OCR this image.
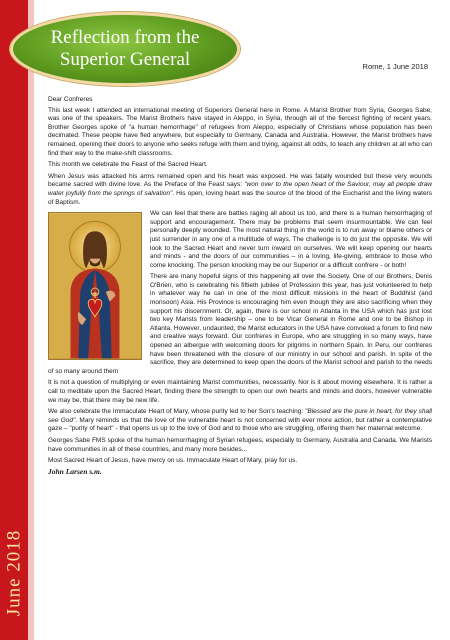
June 2018
Reflection from the
Superior General	Rome, 1 June 2018

Dear Confreres

This last week I attended an international meeting of Superiors General here in Rome. A Marist Brother from Syria, Georges Sabe, was one of the speakers. The Marist Brothers have stayed in Aleppo, in Syria, through all of the fiercest fighting of recent years. Brother Georges spoke of "a human hemorrhage" of refugees from Aleppo, especially of Christians whose population has been decimated. These people have fled anywhere, but especially to Germany, Canada and Australia. However, the Marist brothers have remained, opening their doors to anyone who seeks refuge with them and trying, against all odds, to teach any children at all who can find their way to the make-shift classrooms.

This month we celebrate the Feast of the Sacred Heart.

When Jesus was attacked his arms remained open and his heart was exposed. He was fatally wounded but these very wounds became sacred with divine love. As the Preface of the Feast says: "won over to the open heart of the Saviour, may all people draw water joyfully from the springs of salvation". His open, loving heart was the source of the blood of the Eucharist and the living waters of Baptism.

We can feel that there are battles raging all about us too, and there is a human hemorrhaging of support and encouragement. There may be problems that seem insurmountable. We can feel personally deeply wounded. The most natural thing in the world is to run away or blame others or just surrender in any one of a multitude of ways. The challenge is to do just the opposite. We will look to the Sacred Heart and never turn inward on ourselves. We will keep opening our hearts and minds - and the doors of our communities – in a loving, life-giving, embrace to those who come knocking. The person knocking may be our Superior or a difficult confrere - or both!

There are many hopeful signs of this happening all over the Society. One of our Brothers, Denis O'Brien, who is celebrating his fiftieth jubilee of Profession this year, has just volunteered to help in whatever way he can in one of the most difficult missions in the heart of Buddhist (and monsoon) Asia. His Province is encouraging him even though they are also sacrificing when they support his discernment. Or, again, there is our school in Atlanta in the USA which has just lost two key Marists from leadership – one to be Vicar General in Rome and one to be Bishop in Atlanta. However, undaunted, the Marist educators in the USA have convoked a forum to find new and creative ways forward. Our confreres in Europe, who are struggling in so many ways, have opened an albergue with welcoming doors for pilgrims in northern Spain. In Peru, our confreres have been threatened with the closure of our ministry in our school and parish. In spite of the sacrifice, they are determined to keep open the doors of the Marist school and parish to the needs of so many around them

It is not a question of multiplying or even maintaining Marist communities, necessarily. Nor is it about moving elsewhere. It is rather a call to meditate upon the Sacred Heart, finding there the strength to open our own hearts and minds and doors, however vulnerable we may be, that there may be new life.

We also celebrate the Immaculate Heart of Mary, whose purity led to her Son's teaching: "Blessed are the pure in heart, for they shall see God". Mary reminds us that the love of the vulnerable heart is not concerned with ever more action, but rather a contemplative gaze – "purity of heart" - that opens us up to the love of God and to those who are struggling, offering them her maternal welcome.

Georges Sabe FMS spoke of the human hemorrhaging of Syrian refugees, especially to Germany, Australia and Canada. We Marists have communities in all of these countries, and many more besides...

Most Sacred Heart of Jesus, have mercy on us. Immaculate Heart of Mary, pray for us.

John Larsen s.m.
